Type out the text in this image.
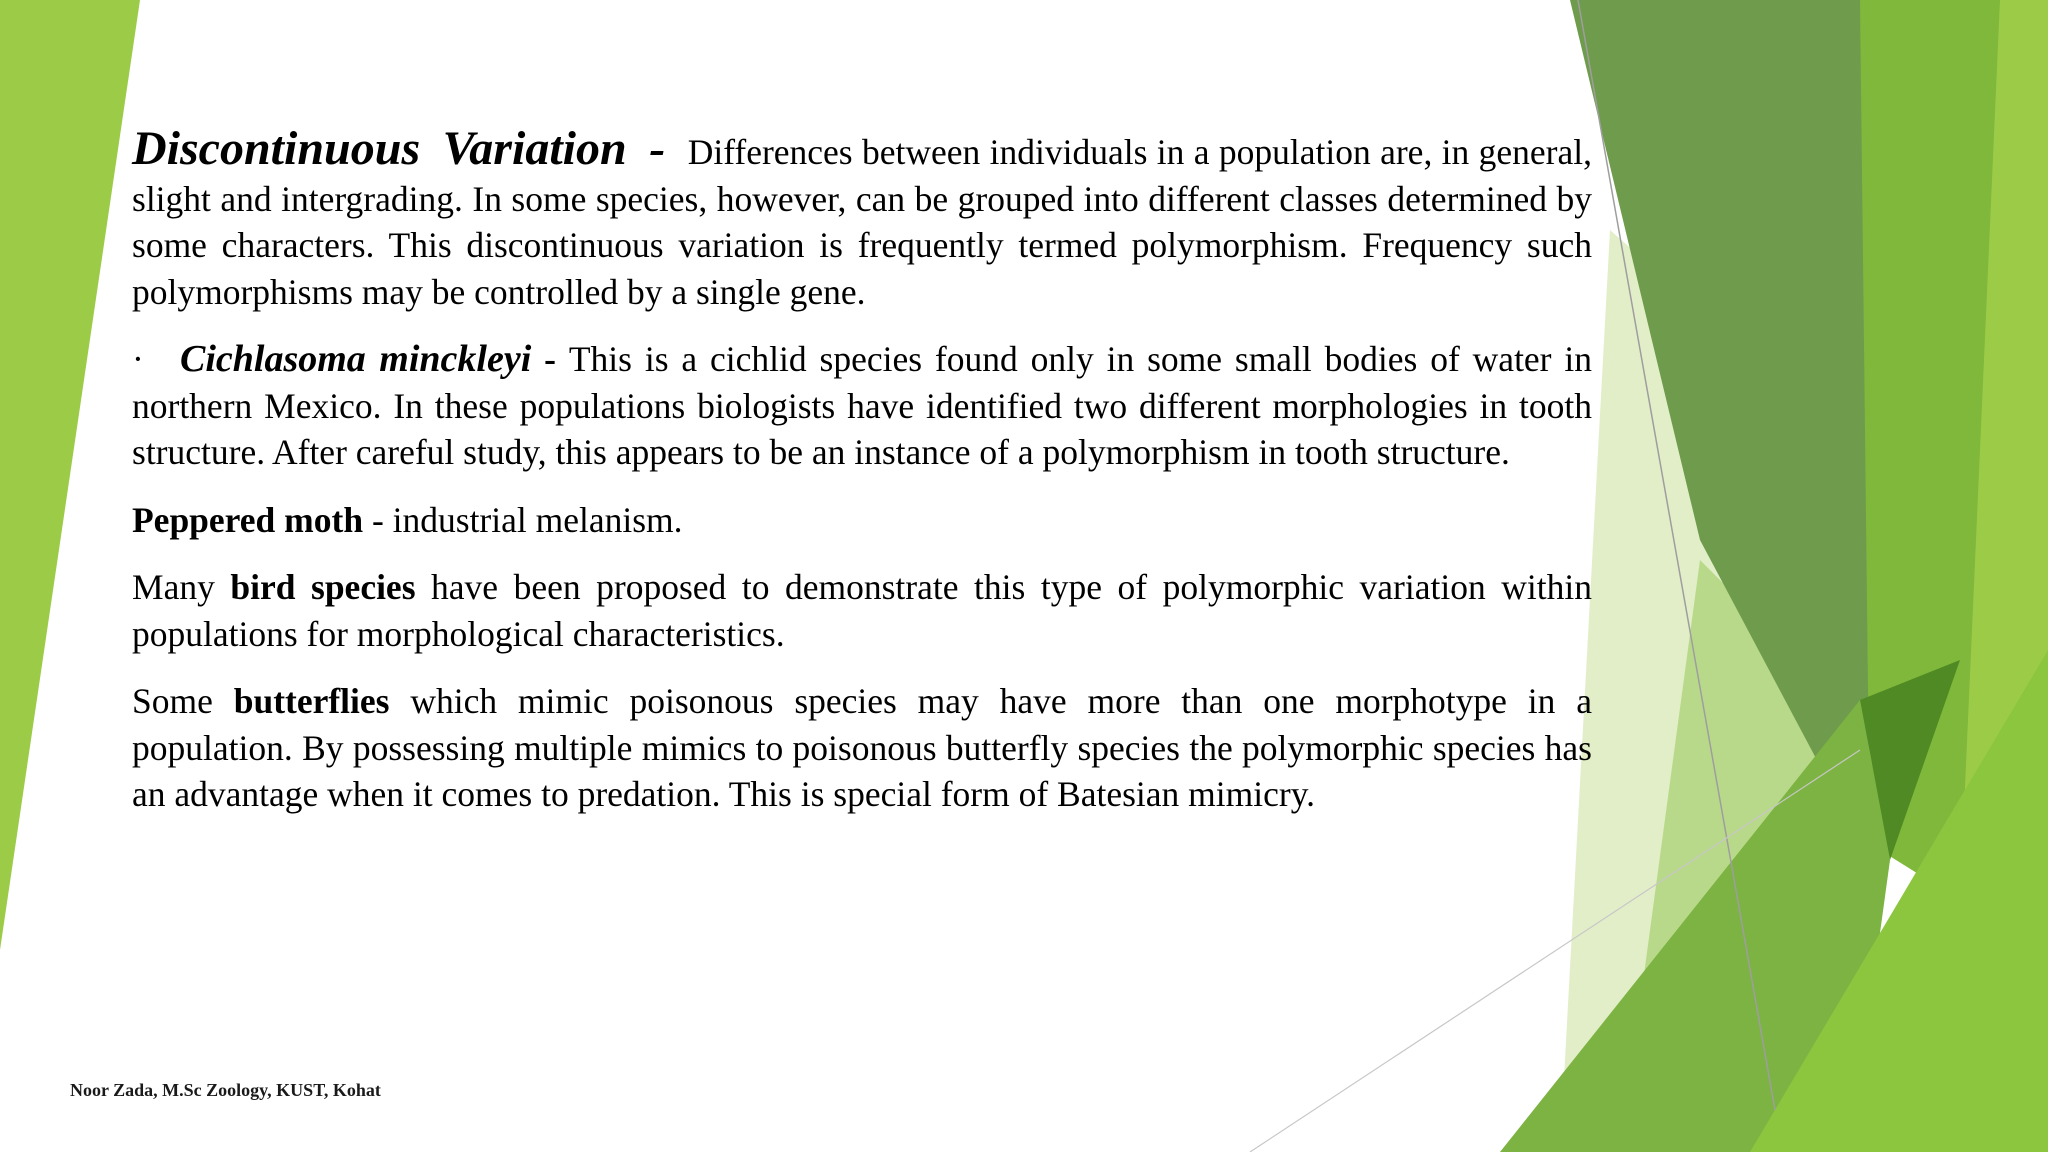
Discontinuous Variation - Differences between individuals in a population are, in general, slight and intergrading. In some species, however, can be grouped into different classes determined by some characters. This discontinuous variation is frequently termed polymorphism. Frequency such polymorphisms may be controlled by a single gene.

· Cichlasoma minckleyi - This is a cichlid species found only in some small bodies of water in northern Mexico. In these populations biologists have identified two different morphologies in tooth structure. After careful study, this appears to be an instance of a polymorphism in tooth structure.

Peppered moth - industrial melanism.

Many bird species have been proposed to demonstrate this type of polymorphic variation within populations for morphological characteristics.

Some butterflies which mimic poisonous species may have more than one morphotype in a population. By possessing multiple mimics to poisonous butterfly species the polymorphic species has an advantage when it comes to predation. This is special form of Batesian mimicry.

Noor Zada, M.Sc Zoology, KUST, Kohat
